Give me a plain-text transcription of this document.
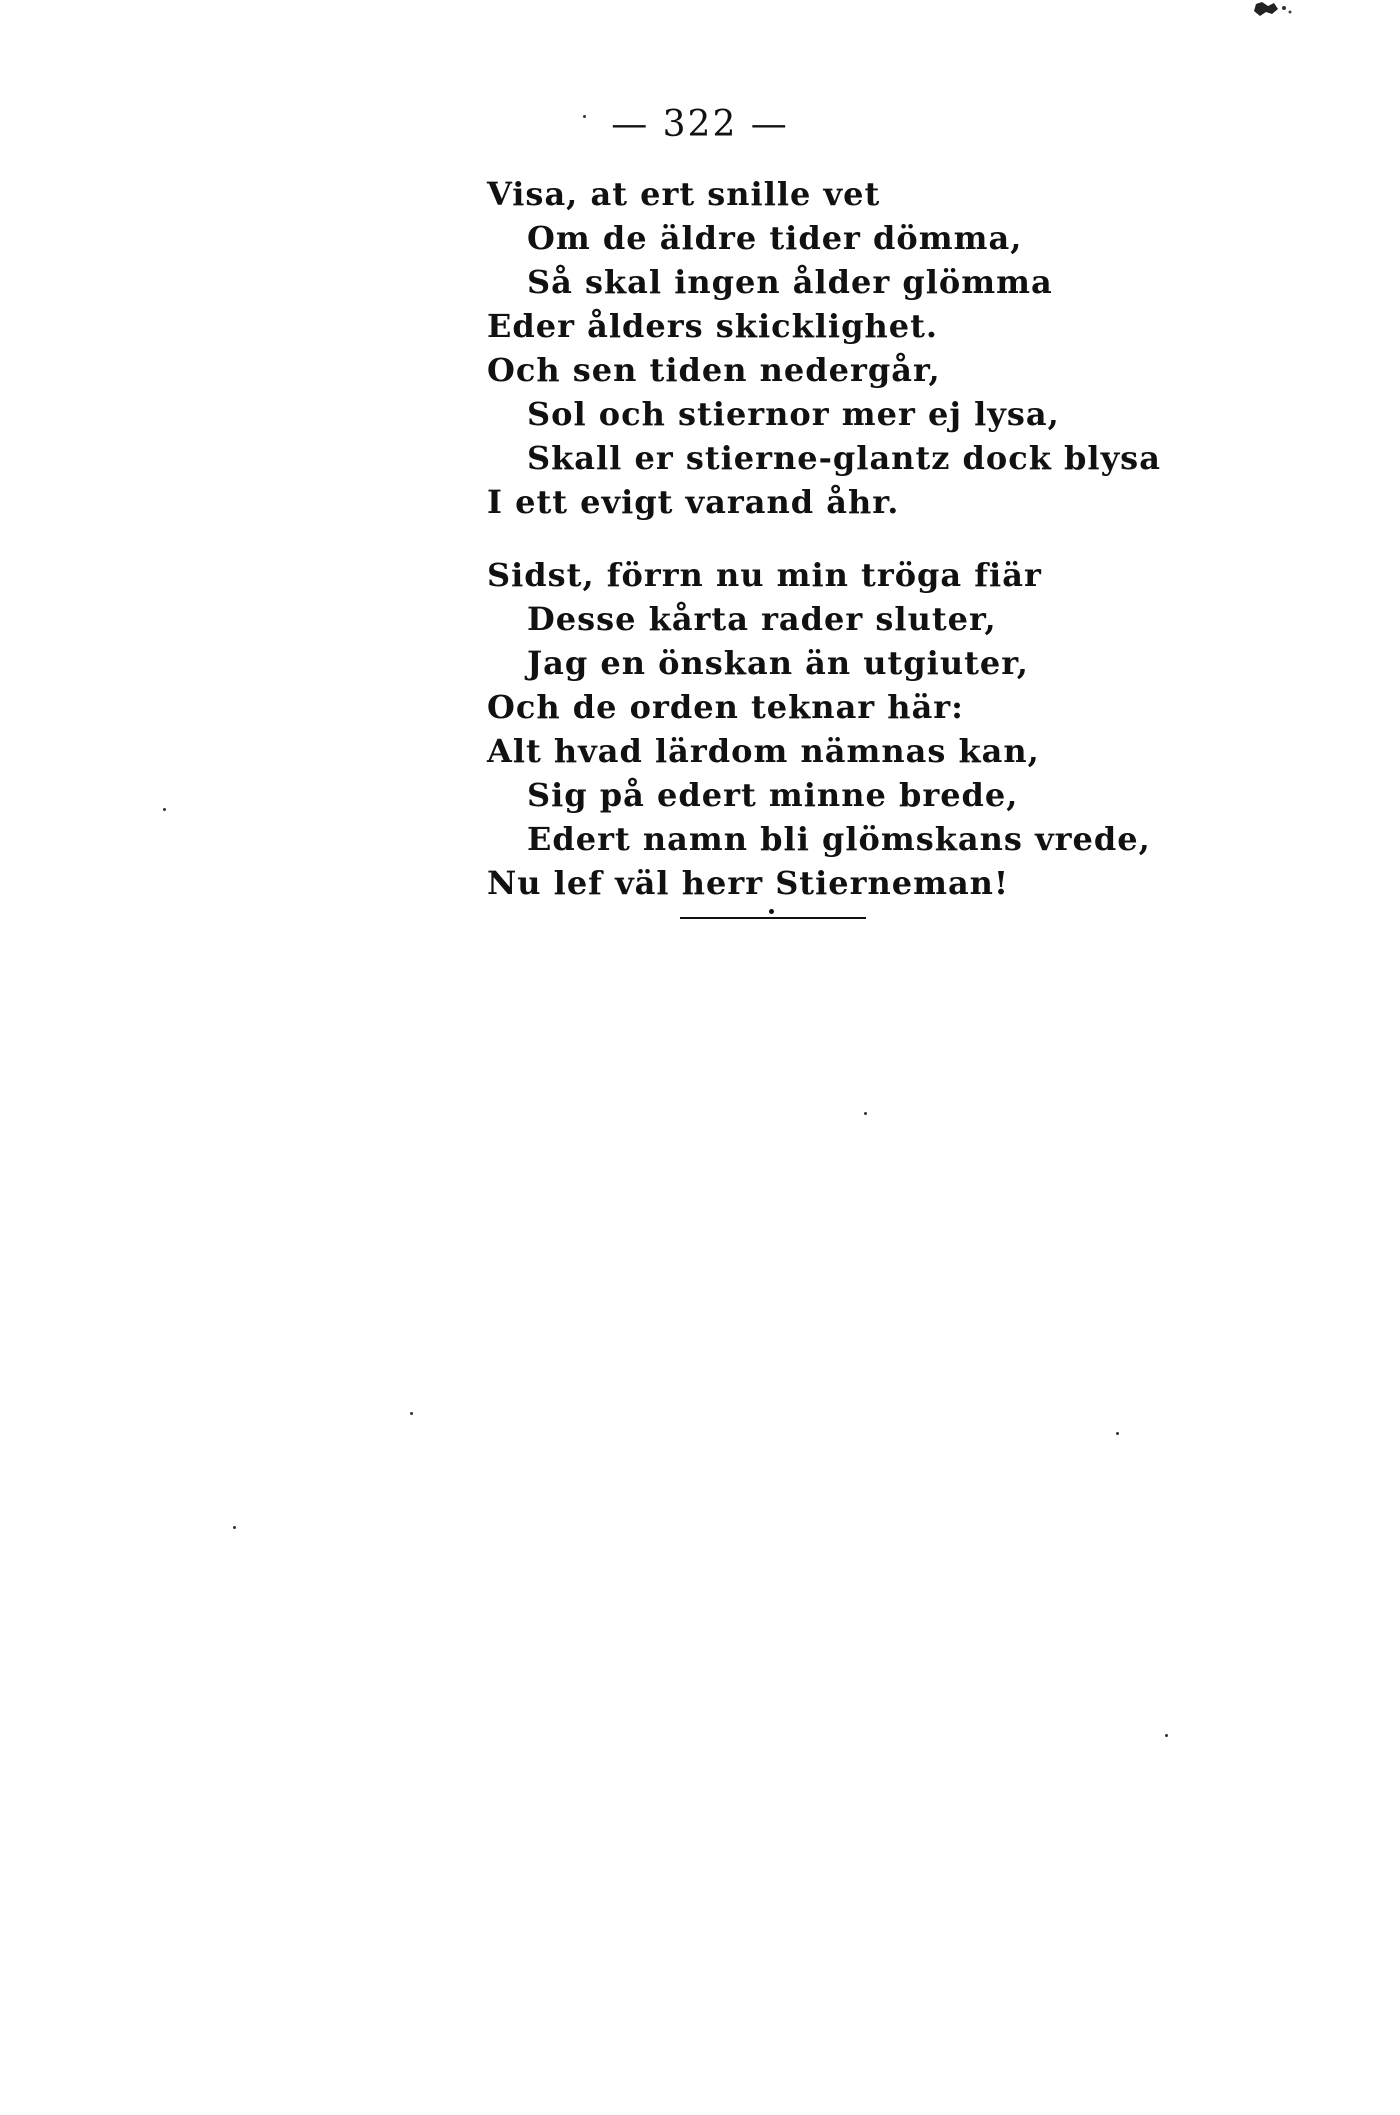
— 322 —
Visa, at ert snille vet
Om de äldre tider dömma,
Så skal ingen ålder glömma
Eder ålders skicklighet.
Och sen tiden nedergår,
Sol och stiernor mer ej lysa,
Skall er stierne-glantz dock blysa
I ett evigt varand åhr.
Sidst, förrn nu min tröga fiär
Desse kårta rader sluter,
Jag en önskan än utgiuter,
Och de orden teknar här:
Alt hvad lärdom nämnas kan,
Sig på edert minne brede,
Edert namn bli glömskans vrede,
Nu lef väl herr Stierneman!
